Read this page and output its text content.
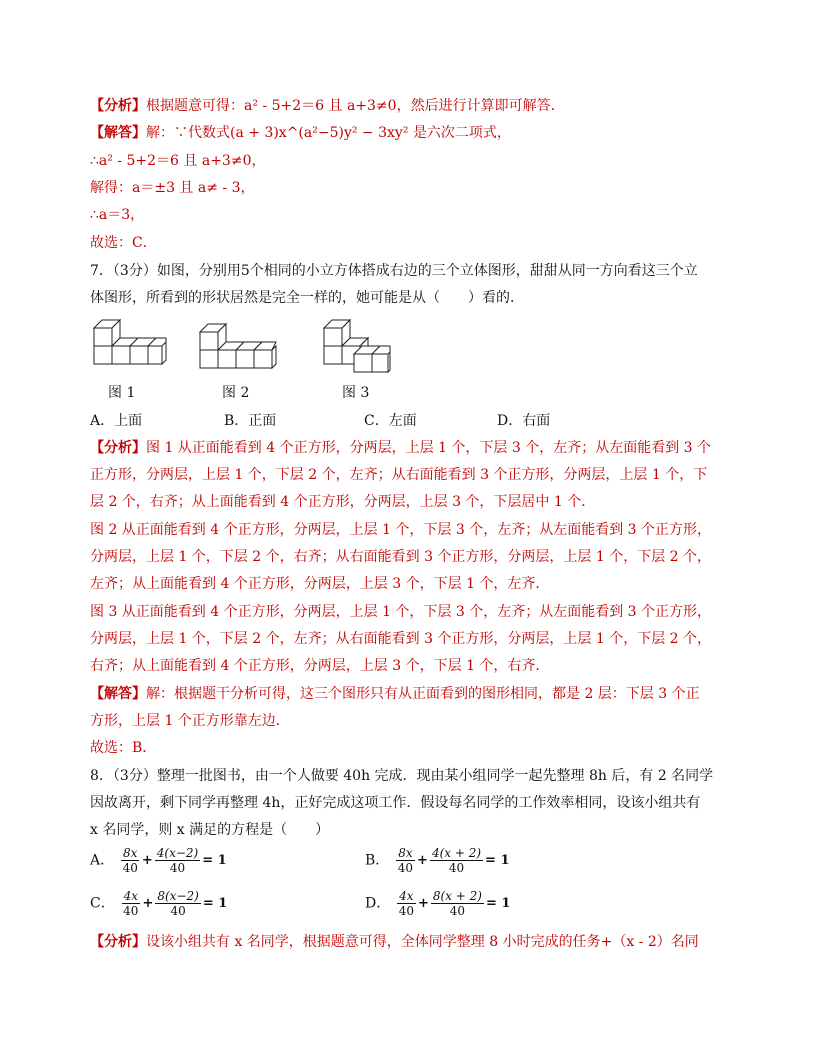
【分析】根据题意可得：a² - 5+2＝6 且 a+3≠0，然后进行计算即可解答．
【解答】解：∵代数式(a + 3)x^(a²−5)y² − 3xy² 是六次二项式，
∴a² - 5+2＝6 且 a+3≠0，
解得：a＝±3 且 a≠ - 3，
∴a＝3，
故选：C．
7．（3分）如图，分别用5个相同的小立方体搭成右边的三个立体图形，甜甜从同一方向看这三个立
体图形，所看到的形状居然是完全一样的，她可能是从（　　）看的．
图 1	图 2	图 3
A．上面	B．正面	C．左面	D．右面
【分析】图 1 从正面能看到 4 个正方形，分两层，上层 1 个，下层 3 个，左齐；从左面能看到 3 个
正方形，分两层，上层 1 个，下层 2 个，左齐；从右面能看到 3 个正方形，分两层，上层 1 个，下
层 2 个，右齐；从上面能看到 4 个正方形，分两层，上层 3 个，下层居中 1 个．
图 2 从正面能看到 4 个正方形，分两层，上层 1 个，下层 3 个，左齐；从左面能看到 3 个正方形，
分两层，上层 1 个，下层 2 个，右齐；从右面能看到 3 个正方形，分两层，上层 1 个，下层 2 个，
左齐；从上面能看到 4 个正方形，分两层，上层 3 个，下层 1 个，左齐．
图 3 从正面能看到 4 个正方形，分两层，上层 1 个，下层 3 个，左齐；从左面能看到 3 个正方形，
分两层，上层 1 个，下层 2 个，左齐；从右面能看到 3 个正方形，分两层，上层 1 个，下层 2 个，
右齐；从上面能看到 4 个正方形，分两层，上层 3 个，下层 1 个，右齐．
【解答】解：根据题干分析可得，这三个图形只有从正面看到的图形相同，都是 2 层：下层 3 个正
方形，上层 1 个正方形靠左边．
故选：B．
8．（3分）整理一批图书，由一个人做要 40h 完成．现由某小组同学一起先整理 8h 后，有 2 名同学
因故离开，剩下同学再整理 4h，正好完成这项工作．假设每名同学的工作效率相同，设该小组共有
x 名同学，则 x 满足的方程是（　　）
A． $\frac{8x}{40} + \frac{4(x-2)}{40} = 1$	B． $\frac{8x}{40} + \frac{4(x + 2)}{40} = 1$
C． $\frac{4x}{40} + \frac{8(x-2)}{40} = 1$	D． $\frac{4x}{40} + \frac{8(x + 2)}{40} = 1$
【分析】设该小组共有 x 名同学，根据题意可得，全体同学整理 8 小时完成的任务+（x - 2）名同
